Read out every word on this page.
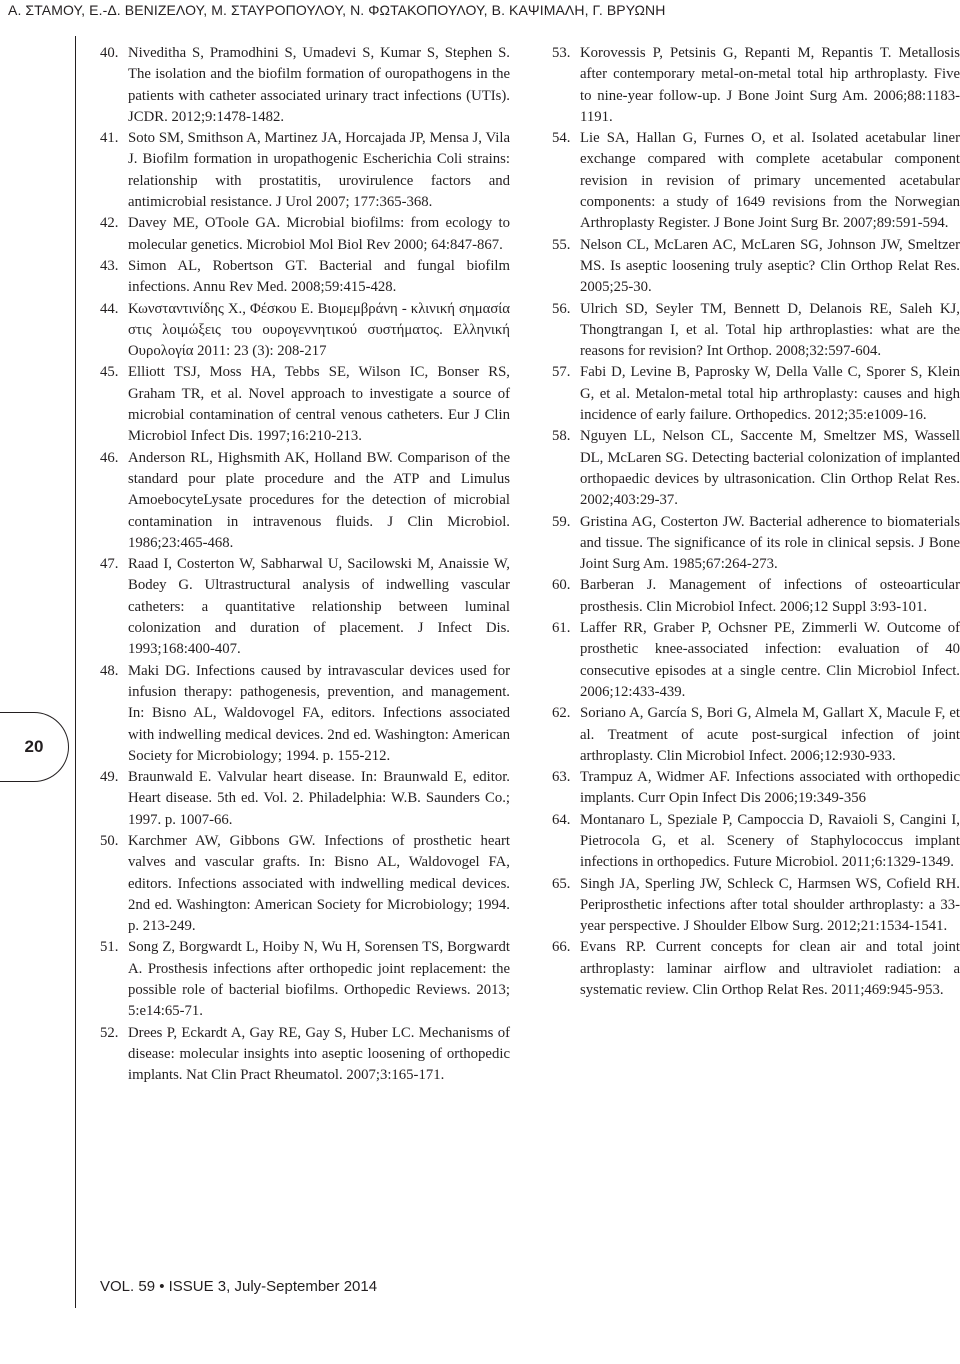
Α. ΣΤΑΜΟΥ, Ε.-Δ. ΒΕΝΙΖΕΛΟΥ, Μ. ΣΤΑΥΡΟΠΟΥΛΟΥ, Ν. ΦΩΤΑΚΟΠΟΥΛΟΥ, Β. ΚΑΨΙΜΑΛΗ, Γ. ΒΡΥΩΝΗ
20

40. Niveditha S, Pramodhini S, Umadevi S, Kumar S, Stephen S. The isolation and the biofilm formation of ouropathogens in the patients with catheter associated urinary tract infections (UTIs). JCDR. 2012;9:1478-1482.

41. Soto SM, Smithson A, Martinez JA, Horcajada JP, Mensa J, Vila J. Biofilm formation in uropathogenic Escherichia Coli strains: relationship with prostatitis, urovirulence factors and antimicrobial resistance. J Urol 2007; 177:365-368.

42. Davey ME, OToole GA. Microbial biofilms: from ecology to molecular genetics. Microbiol Mol Biol Rev 2000; 64:847-867.

43. Simon AL, Robertson GT. Bacterial and fungal biofilm infections. Annu Rev Med. 2008;59:415-428.

44. Κωνσταντινίδης Χ., Φέσκου Ε. Βιομεμβράνη - κλινική σημασία στις λοιμώξεις του ουρογεννητικού συστήματος. Ελληνική Ουρολογία 2011: 23 (3): 208-217

45. Elliott TSJ, Moss HA, Tebbs SE, Wilson IC, Bonser RS, Graham TR, et al. Novel approach to investigate a source of microbial contamination of central venous catheters. Eur J Clin Microbiol Infect Dis. 1997;16:210-213.

46. Anderson RL, Highsmith AK, Holland BW. Comparison of the standard pour plate procedure and the ATP and Limulus AmoebocyteLysate procedures for the detection of microbial contamination in intravenous fluids. J Clin Microbiol. 1986;23:465-468.

47. Raad I, Costerton W, Sabharwal U, Sacilowski M, Anaissie W, Bodey G. Ultrastructural analysis of indwelling vascular catheters: a quantitative relationship between luminal colonization and duration of placement. J Infect Dis. 1993;168:400-407.

48. Maki DG. Infections caused by intravascular devices used for infusion therapy: pathogenesis, prevention, and management. In: Bisno AL, Waldovogel FA, editors. Infections associated with indwelling medical devices. 2nd ed. Washington: American Society for Microbiology; 1994. p. 155-212.

49. Braunwald E. Valvular heart disease. In: Braunwald E, editor. Heart disease. 5th ed. Vol. 2. Philadelphia: W.B. Saunders Co.; 1997. p. 1007-66.

50. Karchmer AW, Gibbons GW. Infections of prosthetic heart valves and vascular grafts. In: Bisno AL, Waldovogel FA, editors. Infections associated with indwelling medical devices. 2nd ed. Washington: American Society for Microbiology; 1994. p. 213-249.

51. Song Z, Borgwardt L, Hoiby N, Wu H, Sorensen TS, Borgwardt A. Prosthesis infections after orthopedic joint replacement: the possible role of bacterial biofilms. Orthopedic Reviews. 2013; 5:e14:65-71.

52. Drees P, Eckardt A, Gay RE, Gay S, Huber LC. Mechanisms of disease: molecular insights into aseptic loosening of orthopedic implants. Nat Clin Pract Rheumatol. 2007;3:165-171.

53. Korovessis P, Petsinis G, Repanti M, Repantis T. Metallosis after contemporary metal-on-metal total hip arthroplasty. Five to nine-year follow-up. J Bone Joint Surg Am. 2006;88:1183-1191.

54. Lie SA, Hallan G, Furnes O, et al. Isolated acetabular liner exchange compared with complete acetabular component revision in revision of primary uncemented acetabular components: a study of 1649 revisions from the Norwegian Arthroplasty Register. J Bone Joint Surg Br. 2007;89:591-594.

55. Nelson CL, McLaren AC, McLaren SG, Johnson JW, Smeltzer MS. Is aseptic loosening truly aseptic? Clin Orthop Relat Res. 2005;25-30.

56. Ulrich SD, Seyler TM, Bennett D, Delanois RE, Saleh KJ, Thongtrangan I, et al. Total hip arthroplasties: what are the reasons for revision? Int Orthop. 2008;32:597-604.

57. Fabi D, Levine B, Paprosky W, Della Valle C, Sporer S, Klein G, et al. Metalon-metal total hip arthroplasty: causes and high incidence of early failure. Orthopedics. 2012;35:e1009-16.

58. Nguyen LL, Nelson CL, Saccente M, Smeltzer MS, Wassell DL, McLaren SG. Detecting bacterial colonization of implanted orthopaedic devices by ultrasonication. Clin Orthop Relat Res. 2002;403:29-37.

59. Gristina AG, Costerton JW. Bacterial adherence to biomaterials and tissue. The significance of its role in clinical sepsis. J Bone Joint Surg Am. 1985;67:264-273.

60. Barberan J. Management of infections of osteoarticular prosthesis. Clin Microbiol Infect. 2006;12 Suppl 3:93-101.

61. Laffer RR, Graber P, Ochsner PE, Zimmerli W. Outcome of prosthetic knee-associated infection: evaluation of 40 consecutive episodes at a single centre. Clin Microbiol Infect. 2006;12:433-439.

62. Soriano A, García S, Bori G, Almela M, Gallart X, Macule F, et al. Treatment of acute post-surgical infection of joint arthroplasty. Clin Microbiol Infect. 2006;12:930-933.

63. Trampuz A, Widmer AF. Infections associated with orthopedic implants. Curr Opin Infect Dis 2006;19:349-356

64. Montanaro L, Speziale P, Campoccia D, Ravaioli S, Cangini I, Pietrocola G, et al. Scenery of Staphylococcus implant infections in orthopedics. Future Microbiol. 2011;6:1329-1349.

65. Singh JA, Sperling JW, Schleck C, Harmsen WS, Cofield RH. Periprosthetic infections after total shoulder arthroplasty: a 33-year perspective. J Shoulder Elbow Surg. 2012;21:1534-1541.

66. Evans RP. Current concepts for clean air and total joint arthroplasty: laminar airflow and ultraviolet radiation: a systematic review. Clin Orthop Relat Res. 2011;469:945-953.

VOL. 59 • ISSUE 3, July-September 2014
